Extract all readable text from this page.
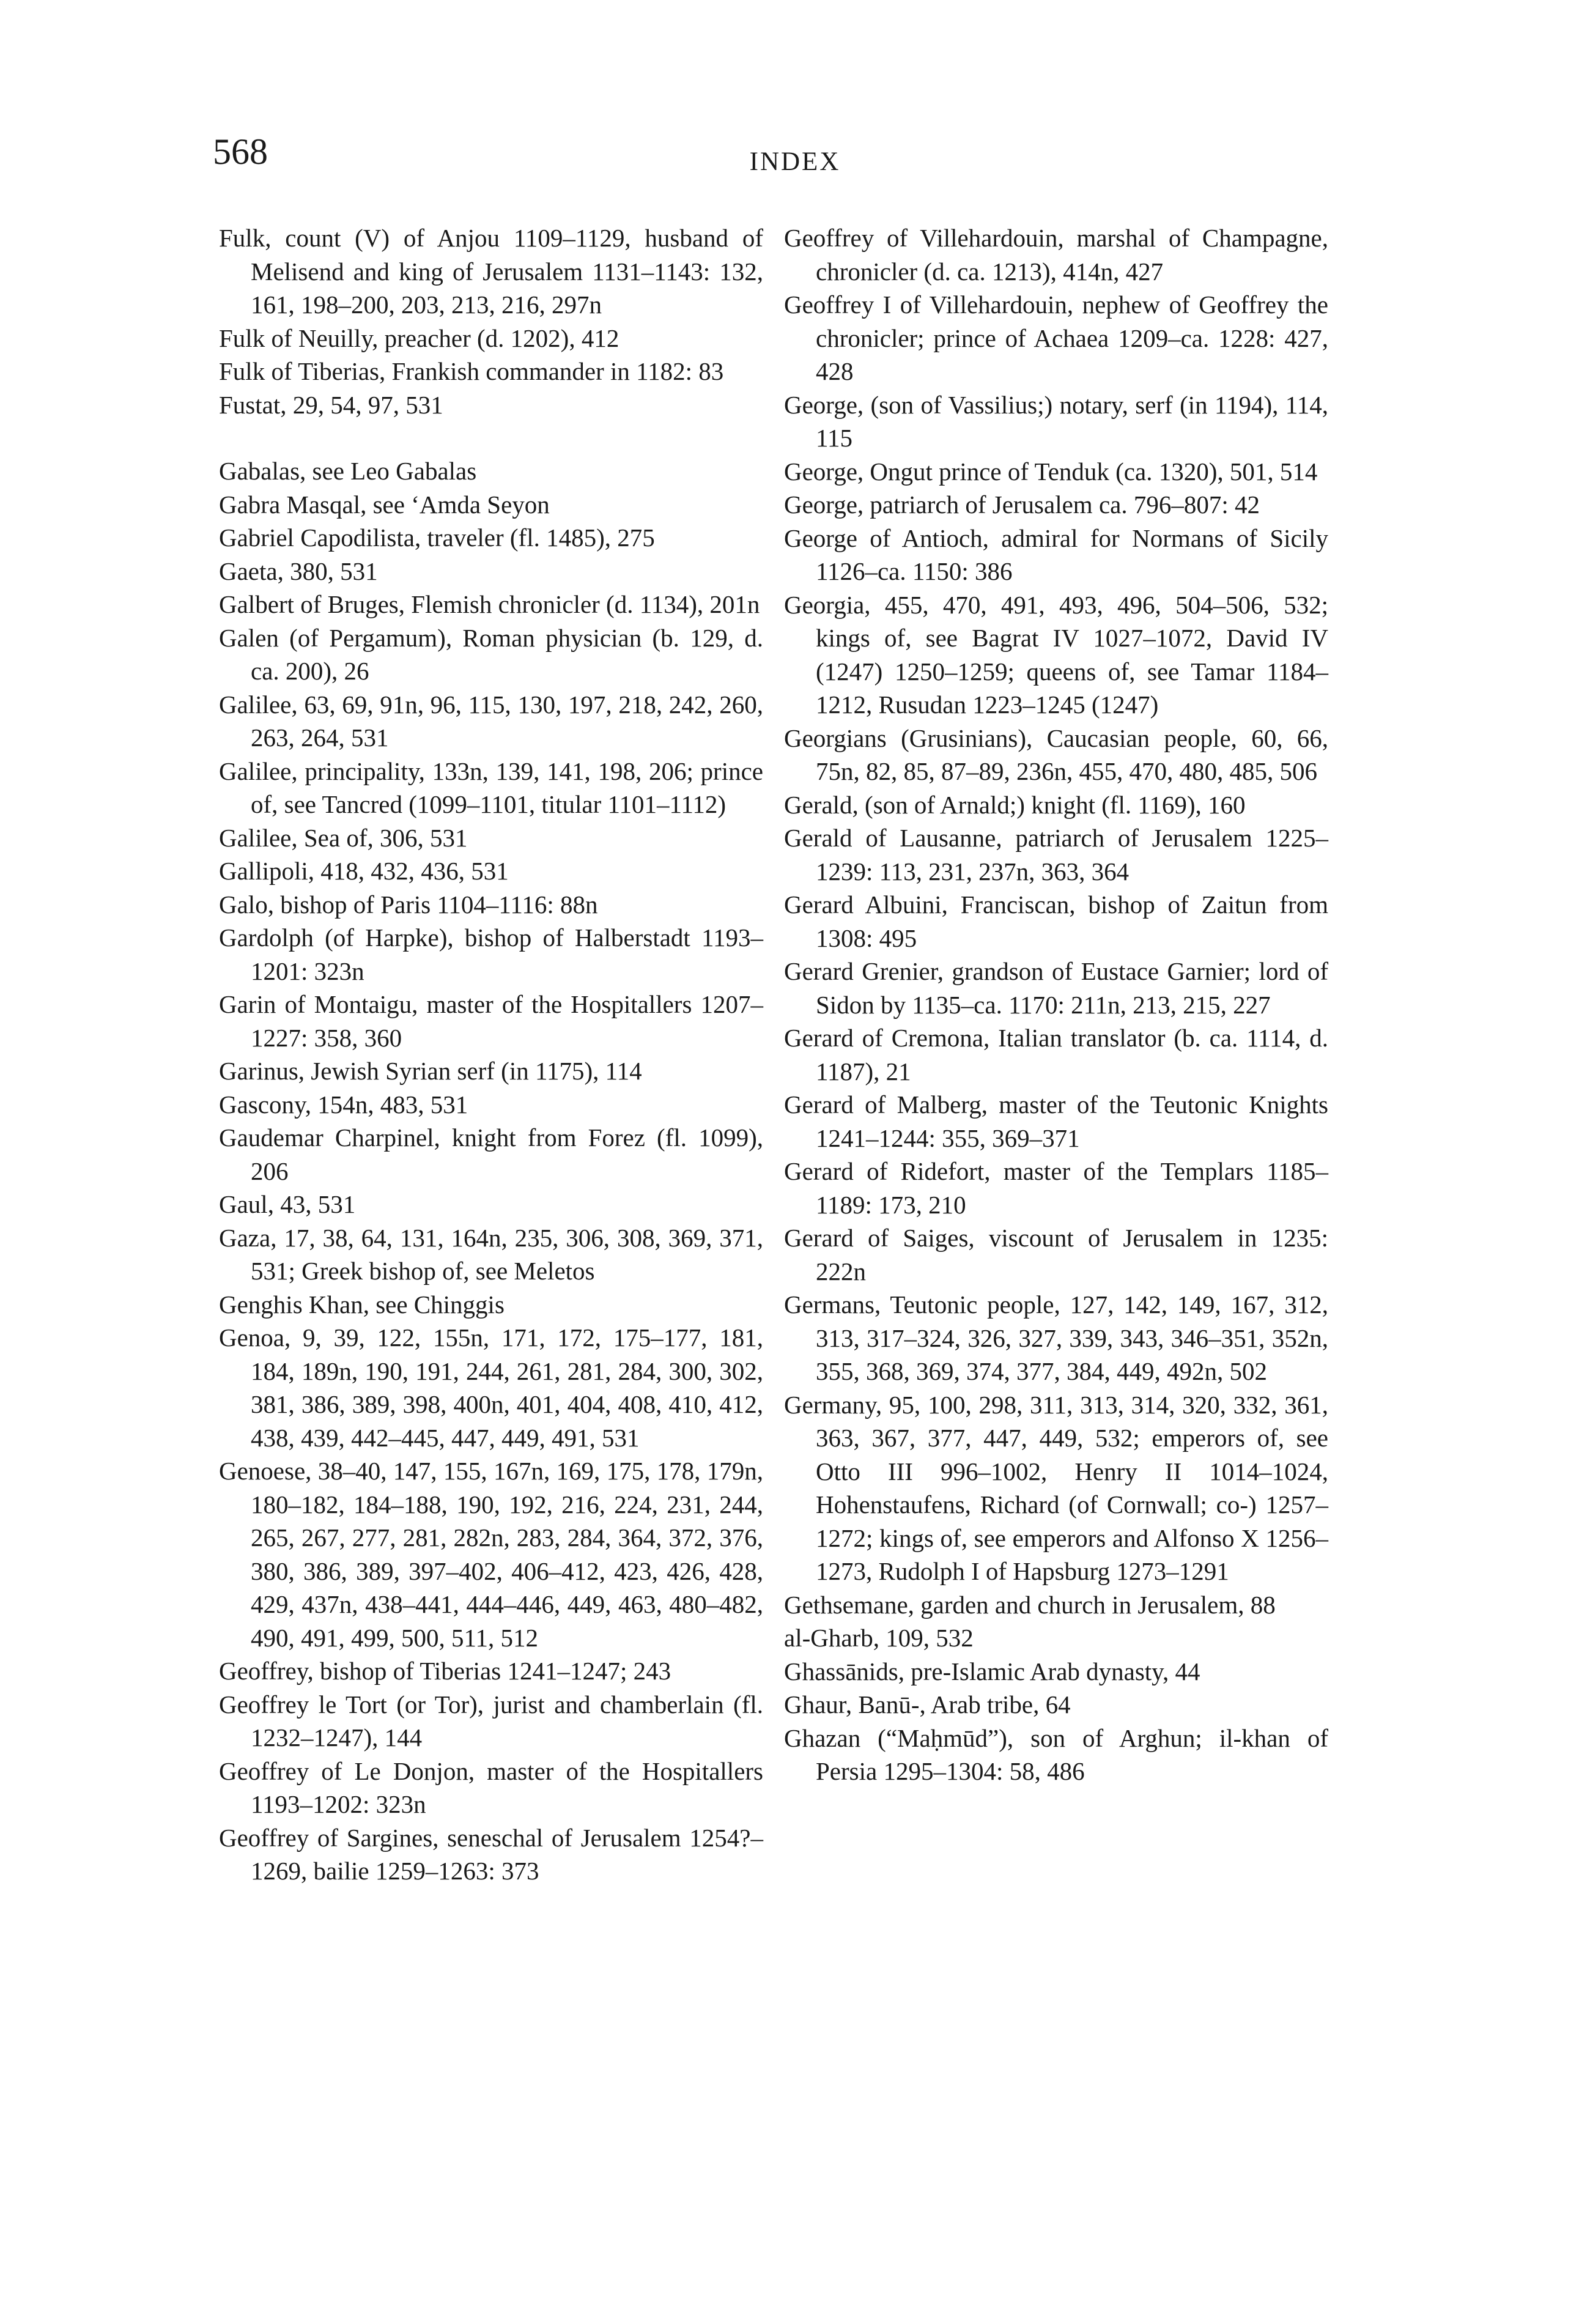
568	INDEX
Fulk, count (V) of Anjou 1109–1129, husband of Melisend and king of Jerusalem 1131–1143: 132, 161, 198–200, 203, 213, 216, 297n
Fulk of Neuilly, preacher (d. 1202), 412
Fulk of Tiberias, Frankish commander in 1182: 83
Fustat, 29, 54, 97, 531
Gabalas, see Leo Gabalas
Gabra Masqal, see ‘Amda Seyon
Gabriel Capodilista, traveler (fl. 1485), 275
Gaeta, 380, 531
Galbert of Bruges, Flemish chronicler (d. 1134), 201n
Galen (of Pergamum), Roman physician (b. 129, d. ca. 200), 26
Galilee, 63, 69, 91n, 96, 115, 130, 197, 218, 242, 260, 263, 264, 531
Galilee, principality, 133n, 139, 141, 198, 206; prince of, see Tancred (1099–1101, titular 1101–1112)
Galilee, Sea of, 306, 531
Gallipoli, 418, 432, 436, 531
Galo, bishop of Paris 1104–1116: 88n
Gardolph (of Harpke), bishop of Halberstadt 1193–1201: 323n
Garin of Montaigu, master of the Hospitallers 1207–1227: 358, 360
Garinus, Jewish Syrian serf (in 1175), 114
Gascony, 154n, 483, 531
Gaudemar Charpinel, knight from Forez (fl. 1099), 206
Gaul, 43, 531
Gaza, 17, 38, 64, 131, 164n, 235, 306, 308, 369, 371, 531; Greek bishop of, see Meletos
Genghis Khan, see Chinggis
Genoa, 9, 39, 122, 155n, 171, 172, 175–177, 181, 184, 189n, 190, 191, 244, 261, 281, 284, 300, 302, 381, 386, 389, 398, 400n, 401, 404, 408, 410, 412, 438, 439, 442–445, 447, 449, 491, 531
Genoese, 38–40, 147, 155, 167n, 169, 175, 178, 179n, 180–182, 184–188, 190, 192, 216, 224, 231, 244, 265, 267, 277, 281, 282n, 283, 284, 364, 372, 376, 380, 386, 389, 397–402, 406–412, 423, 426, 428, 429, 437n, 438–441, 444–446, 449, 463, 480–482, 490, 491, 499, 500, 511, 512
Geoffrey, bishop of Tiberias 1241–1247; 243
Geoffrey le Tort (or Tor), jurist and chamberlain (fl. 1232–1247), 144
Geoffrey of Le Donjon, master of the Hospitallers 1193–1202: 323n
Geoffrey of Sargines, seneschal of Jerusalem 1254?–1269, bailie 1259–1263: 373
Geoffrey of Villehardouin, marshal of Champagne, chronicler (d. ca. 1213), 414n, 427
Geoffrey I of Villehardouin, nephew of Geoffrey the chronicler; prince of Achaea 1209–ca. 1228: 427, 428
George, (son of Vassilius;) notary, serf (in 1194), 114, 115
George, Ongut prince of Tenduk (ca. 1320), 501, 514
George, patriarch of Jerusalem ca. 796–807: 42
George of Antioch, admiral for Normans of Sicily 1126–ca. 1150: 386
Georgia, 455, 470, 491, 493, 496, 504–506, 532; kings of, see Bagrat IV 1027–1072, David IV (1247) 1250–1259; queens of, see Tamar 1184–1212, Rusudan 1223–1245 (1247)
Georgians (Grusinians), Caucasian people, 60, 66, 75n, 82, 85, 87–89, 236n, 455, 470, 480, 485, 506
Gerald, (son of Arnald;) knight (fl. 1169), 160
Gerald of Lausanne, patriarch of Jerusalem 1225–1239: 113, 231, 237n, 363, 364
Gerard Albuini, Franciscan, bishop of Zaitun from 1308: 495
Gerard Grenier, grandson of Eustace Garnier; lord of Sidon by 1135–ca. 1170: 211n, 213, 215, 227
Gerard of Cremona, Italian translator (b. ca. 1114, d. 1187), 21
Gerard of Malberg, master of the Teutonic Knights 1241–1244: 355, 369–371
Gerard of Ridefort, master of the Templars 1185–1189: 173, 210
Gerard of Saiges, viscount of Jerusalem in 1235: 222n
Germans, Teutonic people, 127, 142, 149, 167, 312, 313, 317–324, 326, 327, 339, 343, 346–351, 352n, 355, 368, 369, 374, 377, 384, 449, 492n, 502
Germany, 95, 100, 298, 311, 313, 314, 320, 332, 361, 363, 367, 377, 447, 449, 532; emperors of, see Otto III 996–1002, Henry II 1014–1024, Hohenstaufens, Richard (of Cornwall; co-) 1257–1272; kings of, see emperors and Alfonso X 1256–1273, Rudolph I of Hapsburg 1273–1291
Gethsemane, garden and church in Jerusalem, 88
al-Gharb, 109, 532
Ghassānids, pre-Islamic Arab dynasty, 44
Ghaur, Banū-, Arab tribe, 64
Ghazan (“Maḥmūd”), son of Arghun; il-khan of Persia 1295–1304: 58, 486
